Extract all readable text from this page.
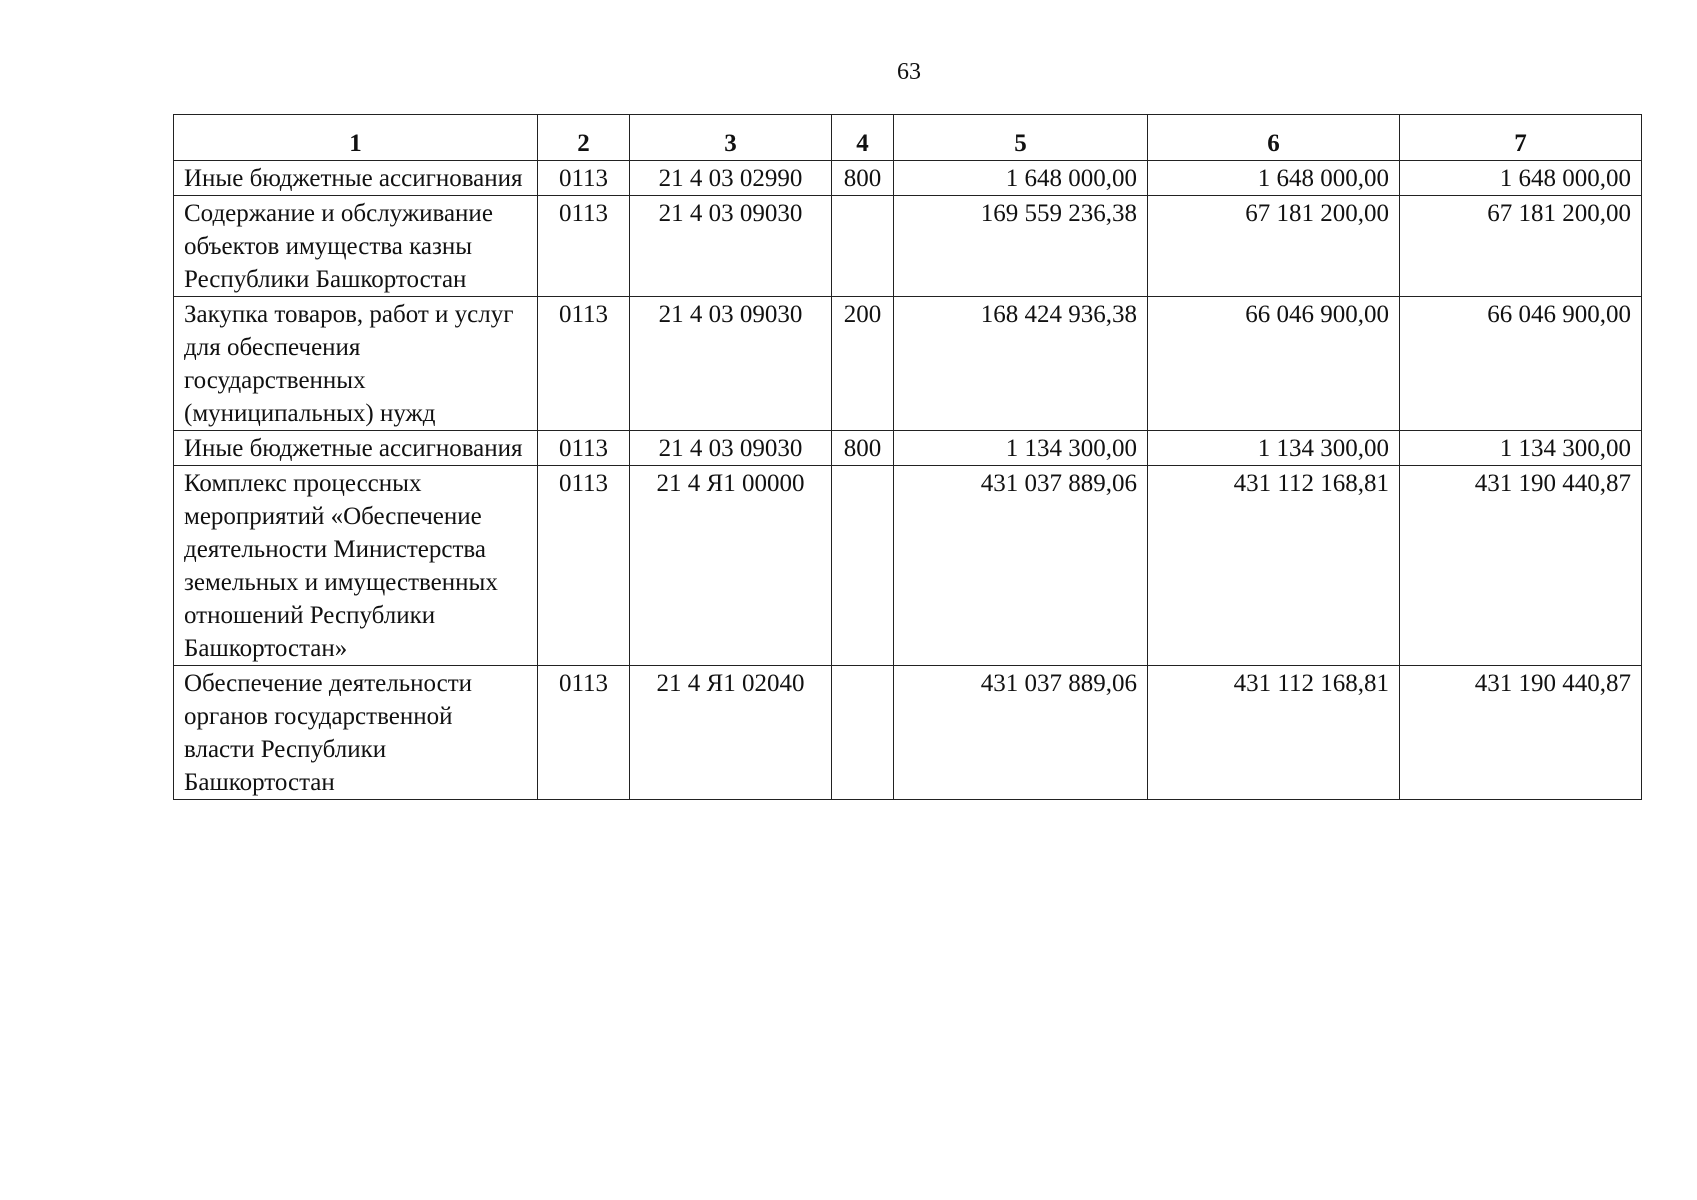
63
1	2	3	4	5	6	7
Иные бюджетные ассигнования	0113	21 4 03 02990	800	1 648 000,00	1 648 000,00	1 648 000,00
Содержание и обслуживание объектов имущества казны Республики Башкортостан	0113	21 4 03 09030		169 559 236,38	67 181 200,00	67 181 200,00
Закупка товаров, работ и услуг для обеспечения государственных (муниципальных) нужд	0113	21 4 03 09030	200	168 424 936,38	66 046 900,00	66 046 900,00
Иные бюджетные ассигнования	0113	21 4 03 09030	800	1 134 300,00	1 134 300,00	1 134 300,00
Комплекс процессных мероприятий «Обеспечение деятельности Министерства земельных и имущественных отношений Республики Башкортостан»	0113	21 4 Я1 00000		431 037 889,06	431 112 168,81	431 190 440,87
Обеспечение деятельности органов государственной власти Республики Башкортостан	0113	21 4 Я1 02040		431 037 889,06	431 112 168,81	431 190 440,87
